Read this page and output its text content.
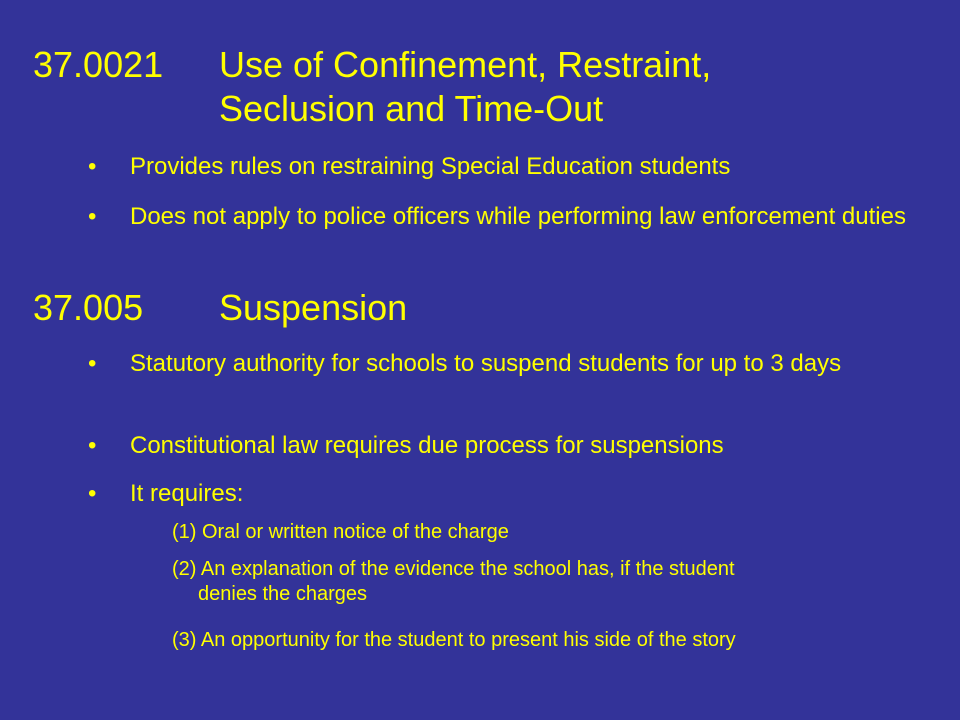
37.0021 Use of Confinement, Restraint,
Seclusion and Time-Out
• Provides rules on restraining Special Education students
• Does not apply to police officers while performing law enforcement duties
37.005 Suspension
• Statutory authority for schools to suspend students for up to 3 days
• Constitutional law requires due process for suspensions
• It requires:
(1) Oral or written notice of the charge
(2) An explanation of the evidence the school has, if the student
denies the charges
(3) An opportunity for the student to present his side of the story
